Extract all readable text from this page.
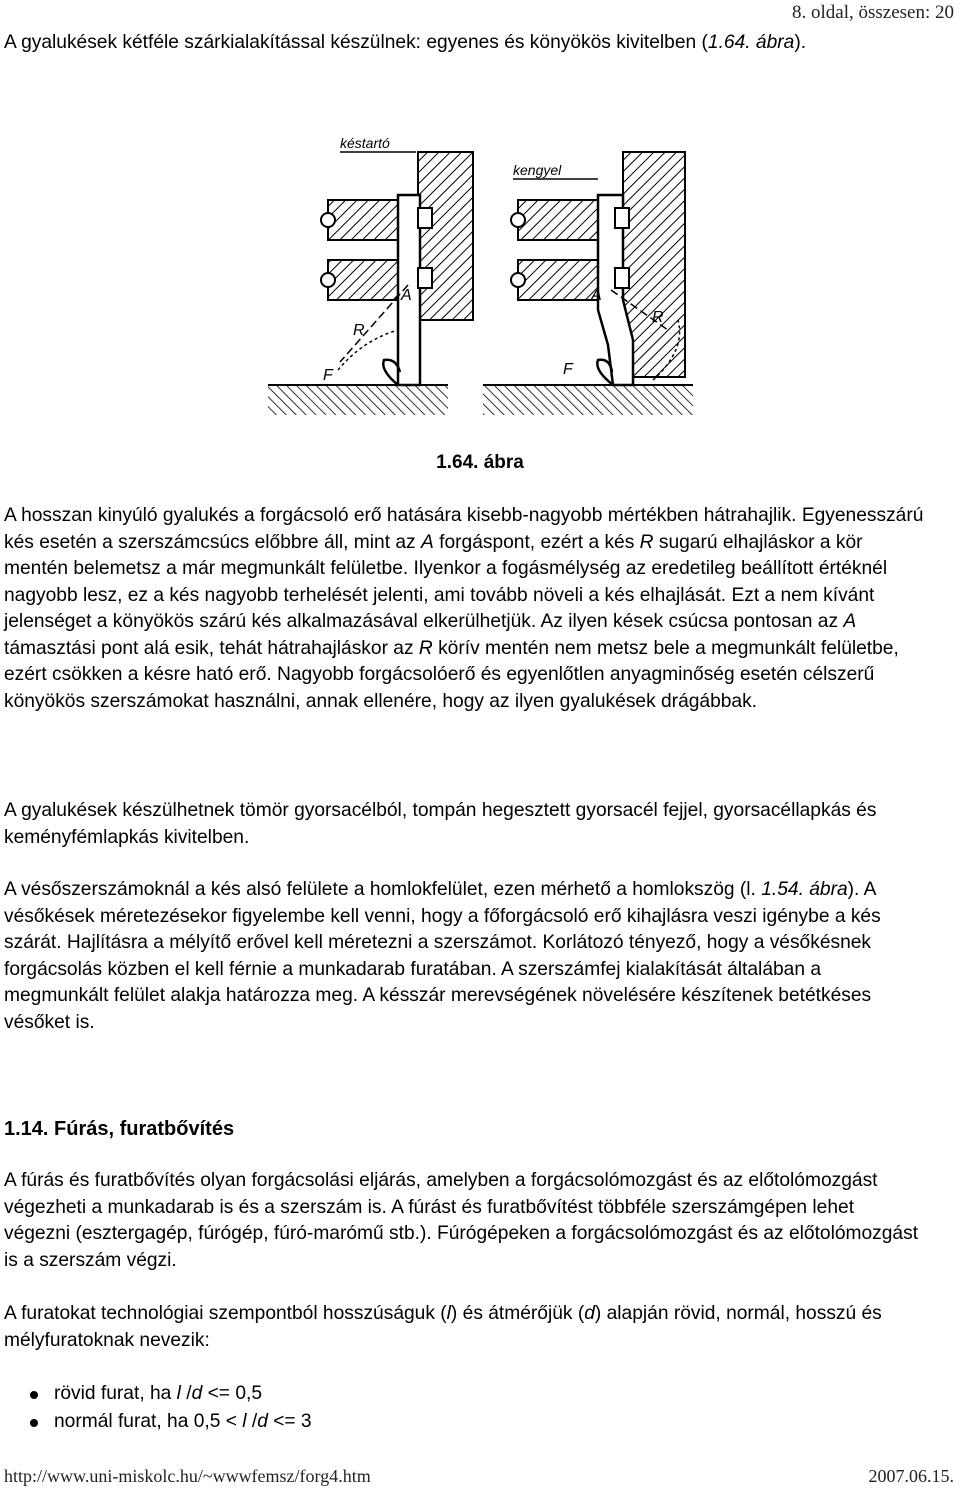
8. oldal, összesen: 20

A gyalukések kétféle szárkialakítással készülnek: egyenes és könyökös kivitelben (1.64. ábra).

késtartó
kengyel
A
R
F
A
R
F
1.64. ábra

A hosszan kinyúló gyalukés a forgácsoló erő hatására kisebb-nagyobb mértékben hátrahajlik. Egyenesszárú kés esetén a szerszámcsúcs előbbre áll, mint az A forgáspont, ezért a kés R sugarú elhajláskor a kör mentén belemetsz a már megmunkált felületbe. Ilyenkor a fogásmélység az eredetileg beállított értéknél nagyobb lesz, ez a kés nagyobb terhelését jelenti, ami tovább növeli a kés elhajlását. Ezt a nem kívánt jelenséget a könyökös szárú kés alkalmazásával elkerülhetjük. Az ilyen kések csúcsa pontosan az A támasztási pont alá esik, tehát hátrahajláskor az R körív mentén nem metsz bele a megmunkált felületbe, ezért csökken a késre ható erő. Nagyobb forgácsolóerő és egyenlőtlen anyagminőség esetén célszerű könyökös szerszámokat használni, annak ellenére, hogy az ilyen gyalukések drágábbak.

A gyalukések készülhetnek tömör gyorsacélból, tompán hegesztett gyorsacél fejjel, gyorsacéllapkás és keményfémlapkás kivitelben.

A vésőszerszámoknál a kés alsó felülete a homlokfelület, ezen mérhető a homlokszög (l. 1.54. ábra). A vésőkések méretezésekor figyelembe kell venni, hogy a főforgácsoló erő kihajlásra veszi igénybe a kés szárát. Hajlításra a mélyítő erővel kell méretezni a szerszámot. Korlátozó tényező, hogy a vésőkésnek forgácsolás közben el kell férnie a munkadarab furatában. A szerszámfej kialakítását általában a megmunkált felület alakja határozza meg. A késszár merevségének növelésére készítenek betétkéses vésőket is.

1.14. Fúrás, furatbővítés

A fúrás és furatbővítés olyan forgácsolási eljárás, amelyben a forgácsolómozgást és az előtolómozgást végezheti a munkadarab is és a szerszám is. A fúrást és furatbővítést többféle szerszámgépen lehet végezni (esztergagép, fúrógép, fúró-marómű stb.). Fúrógépeken a forgácsolómozgást és az előtolómozgást is a szerszám végzi.

A furatokat technológiai szempontból hosszúságuk (l) és átmérőjük (d) alapján rövid, normál, hosszú és mélyfuratoknak nevezik:

rövid furat, ha l /d <= 0,5
normál furat, ha 0,5 < l /d <= 3
http://www.uni-miskolc.hu/~wwwfemsz/forg4.htm	2007.06.15.
